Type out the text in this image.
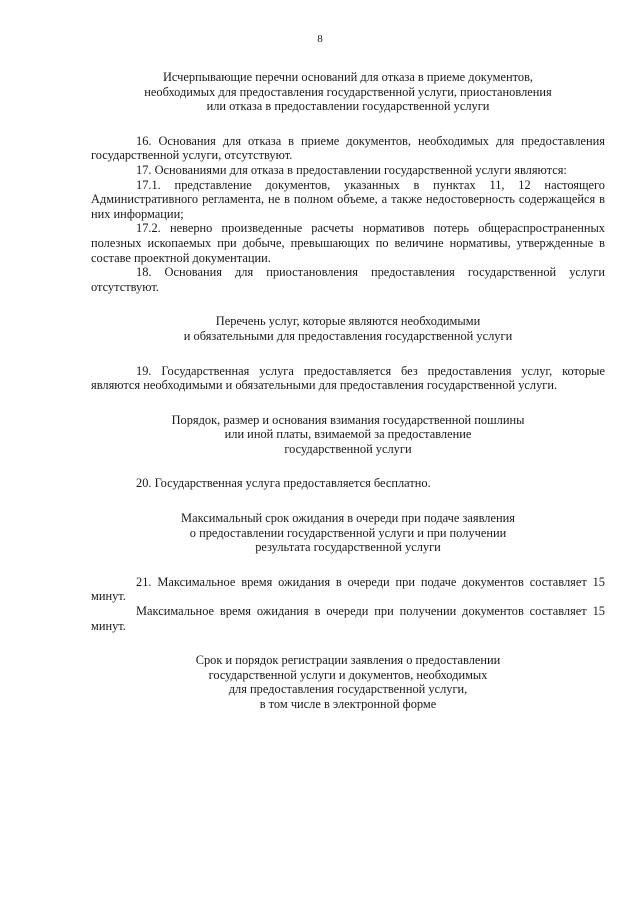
8
Исчерпывающие перечни оснований для отказа в приеме документов,
необходимых для предоставления государственной услуги, приостановления
или отказа в предоставлении государственной услуги
16. Основания для отказа в приеме документов, необходимых для предоставления государственной услуги, отсутствуют.
17. Основаниями для отказа в предоставлении государственной услуги являются:
17.1. представление документов, указанных в пунктах 11, 12 настоящего Административного регламента, не в полном объеме, а также недостоверность содержащейся в них информации;
17.2. неверно произведенные расчеты нормативов потерь общераспространенных полезных ископаемых при добыче, превышающих по величине нормативы, утвержденные в составе проектной документации.
18. Основания для приостановления предоставления государственной услуги отсутствуют.
Перечень услуг, которые являются необходимыми
и обязательными для предоставления государственной услуги
19. Государственная услуга предоставляется без предоставления услуг, которые являются необходимыми и обязательными для предоставления государственной услуги.
Порядок, размер и основания взимания государственной пошлины
или иной платы, взимаемой за предоставление
государственной услуги
20. Государственная услуга предоставляется бесплатно.
Максимальный срок ожидания в очереди при подаче заявления
о предоставлении государственной услуги и при получении
результата государственной услуги
21. Максимальное время ожидания в очереди при подаче документов составляет 15 минут.
Максимальное время ожидания в очереди при получении документов составляет 15 минут.
Срок и порядок регистрации заявления о предоставлении
государственной услуги и документов, необходимых
для предоставления государственной услуги,
в том числе в электронной форме
